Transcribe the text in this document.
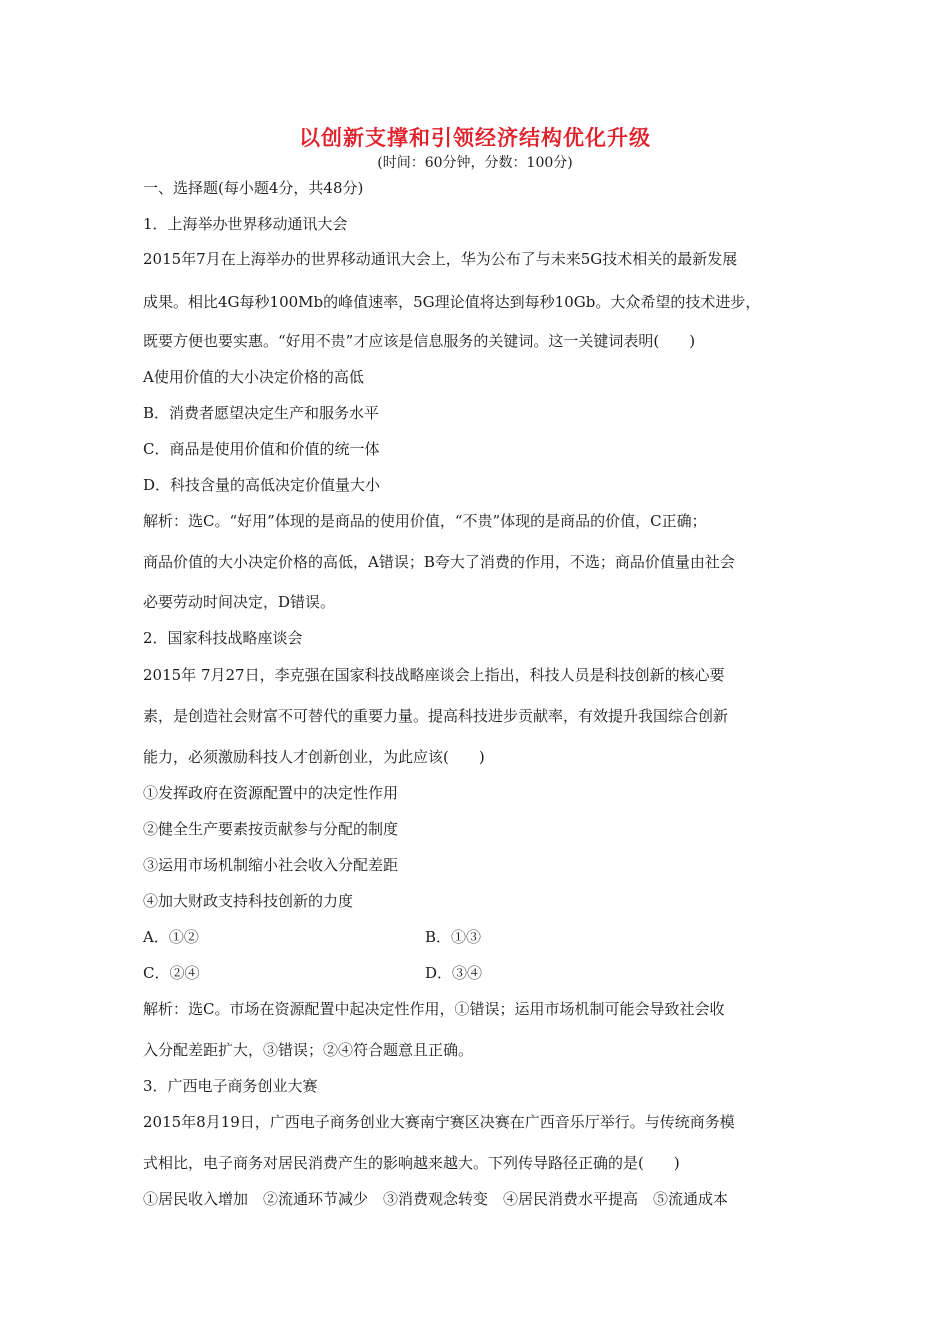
以创新支撑和引领经济结构优化升级
(时间：60分钟，分数：100分)
一、选择题(每小题4分，共48分)
1．上海举办世界移动通讯大会
2015年7月在上海举办的世界移动通讯大会上，华为公布了与未来5G技术相关的最新发展
成果。相比4G每秒100Mb的峰值速率，5G理论值将达到每秒10Gb。大众希望的技术进步，
既要方便也要实惠。“好用不贵”才应该是信息服务的关键词。这一关键词表明(　　)
A使用价值的大小决定价格的高低
B．消费者愿望决定生产和服务水平
C．商品是使用价值和价值的统一体
D．科技含量的高低决定价值量大小
解析：选C。“好用”体现的是商品的使用价值，“不贵”体现的是商品的价值，C正确；
商品价值的大小决定价格的高低，A错误；B夸大了消费的作用，不选；商品价值量由社会
必要劳动时间决定，D错误。
2．国家科技战略座谈会
2015年 7月27日，李克强在国家科技战略座谈会上指出，科技人员是科技创新的核心要
素，是创造社会财富不可替代的重要力量。提高科技进步贡献率，有效提升我国综合创新
能力，必须激励科技人才创新创业，为此应该(　　)
①发挥政府在资源配置中的决定性作用
②健全生产要素按贡献参与分配的制度
③运用市场机制缩小社会收入分配差距
④加大财政支持科技创新的力度
A．①②	B．①③
C．②④	D．③④
解析：选C。市场在资源配置中起决定性作用，①错误；运用市场机制可能会导致社会收
入分配差距扩大，③错误；②④符合题意且正确。
3．广西电子商务创业大赛
2015年8月19日，广西电子商务创业大赛南宁赛区决赛在广西音乐厅举行。与传统商务模
式相比，电子商务对居民消费产生的影响越来越大。下列传导路径正确的是(　　)
①居民收入增加　②流通环节减少　③消费观念转变　④居民消费水平提高　⑤流通成本
